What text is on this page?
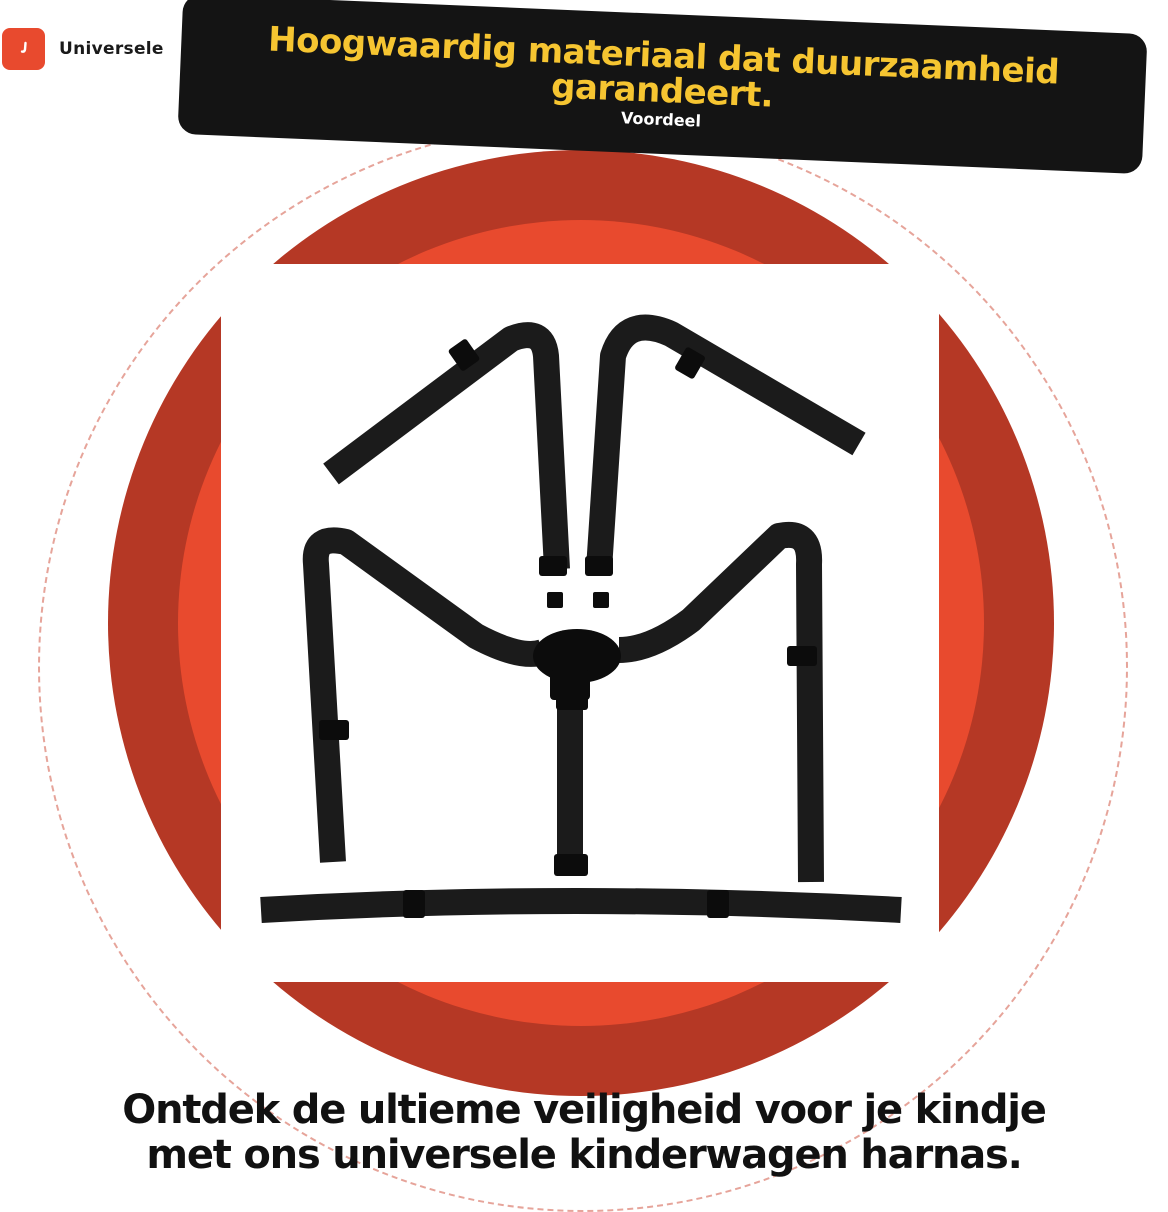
Universele	Hoogwaardig materiaal dat duurzaamheid garandeert.
Voordeel
Ontdek de ultieme veiligheid voor je kindje
met ons universele kinderwagen harnas.
